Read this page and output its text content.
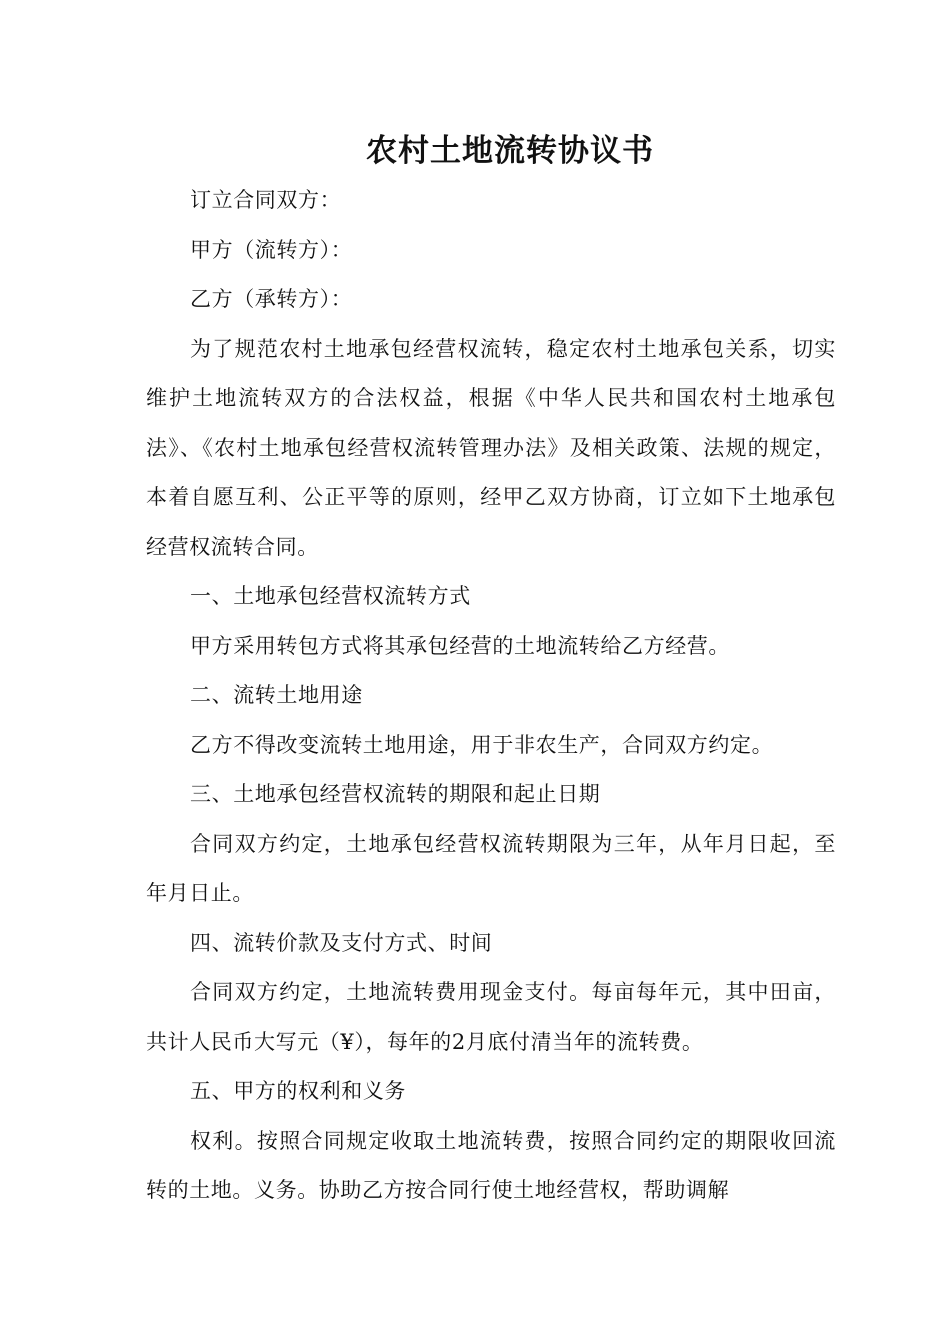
农村土地流转协议书

订立合同双方：

甲方（流转方）：

乙方（承转方）：

为了规范农村土地承包经营权流转，稳定农村土地承包关系，切实维护土地流转双方的合法权益，根据《中华人民共和国农村土地承包法》、《农村土地承包经营权流转管理办法》及相关政策、法规的规定，本着自愿互利、公正平等的原则，经甲乙双方协商，订立如下土地承包经营权流转合同。

一、土地承包经营权流转方式

甲方采用转包方式将其承包经营的土地流转给乙方经营。

二、流转土地用途

乙方不得改变流转土地用途，用于非农生产，合同双方约定。

三、土地承包经营权流转的期限和起止日期

合同双方约定，土地承包经营权流转期限为三年，从年月日起，至年月日止。

四、流转价款及支付方式、时间

合同双方约定，土地流转费用现金支付。每亩每年元，其中田亩，共计人民币大写元（¥），每年的2月底付清当年的流转费。

五、甲方的权利和义务

权利。按照合同规定收取土地流转费，按照合同约定的期限收回流转的土地。义务。协助乙方按合同行使土地经营权，帮助调解
